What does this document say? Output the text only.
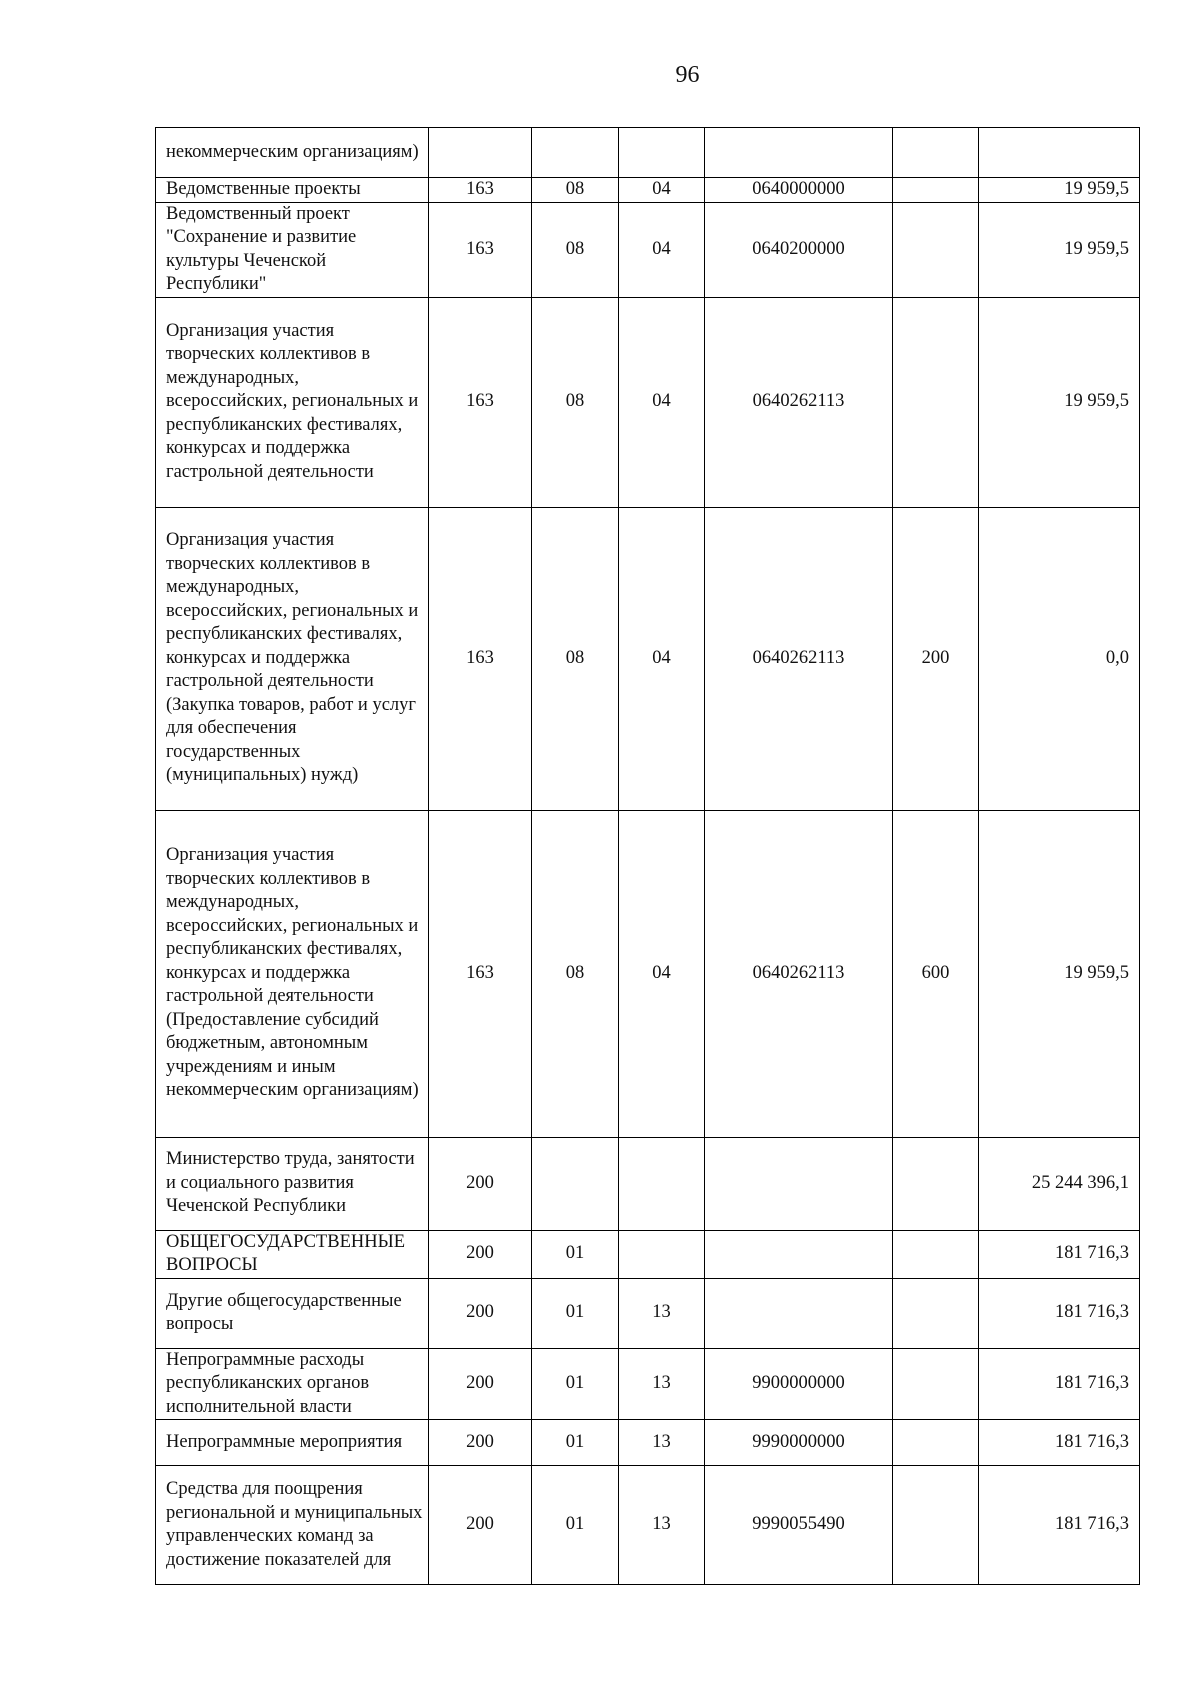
96
некоммерческим организациям)						
Ведомственные проекты	163	08	04	0640000000		19 959,5
Ведомственный проект "Сохранение и развитие культуры Чеченской Республики"	163	08	04	0640200000		19 959,5
Организация участия творческих коллективов в международных, всероссийских, региональных и республиканских фестивалях, конкурсах и поддержка гастрольной деятельности	163	08	04	0640262113		19 959,5
Организация участия творческих коллективов в международных, всероссийских, региональных и республиканских фестивалях, конкурсах и поддержка гастрольной деятельности (Закупка товаров, работ и услуг для обеспечения государственных (муниципальных) нужд)	163	08	04	0640262113	200	0,0
Организация участия творческих коллективов в международных, всероссийских, региональных и республиканских фестивалях, конкурсах и поддержка гастрольной деятельности (Предоставление субсидий бюджетным, автономным учреждениям и иным некоммерческим организациям)	163	08	04	0640262113	600	19 959,5
Министерство труда, занятости и социального развития Чеченской Республики	200					25 244 396,1
ОБЩЕГОСУДАРСТВЕННЫЕ ВОПРОСЫ	200	01				181 716,3
Другие общегосударственные вопросы	200	01	13			181 716,3
Непрограммные расходы республиканских органов исполнительной власти	200	01	13	9900000000		181 716,3
Непрограммные мероприятия	200	01	13	9990000000		181 716,3
Средства для поощрения региональной и муниципальных управленческих команд за достижение показателей для	200	01	13	9990055490		181 716,3
